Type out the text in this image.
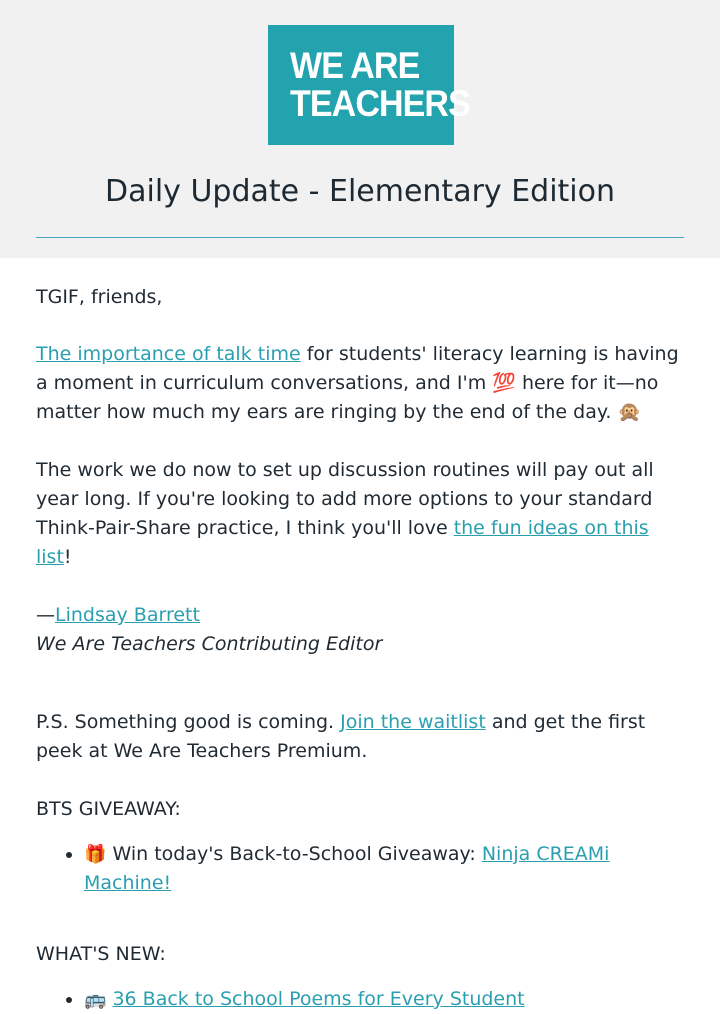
WE ARE
TEACHERS
Daily Update - Elementary Edition

TGIF, friends,

The importance of talk time for students' literacy learning is having a moment in curriculum conversations, and I'm 💯 here for it—no matter how much my ears are ringing by the end of the day. 🙊

The work we do now to set up discussion routines will pay out all year long. If you're looking to add more options to your standard Think-Pair-Share practice, I think you'll love the fun ideas on this list!

—Lindsay Barrett

We Are Teachers Contributing Editor

P.S. Something good is coming. Join the waitlist and get the first peek at We Are Teachers Premium.

BTS GIVEAWAY:

• 🎁 Win today's Back-to-School Giveaway: Ninja CREAMi Machine!

WHAT'S NEW:

• 🚌 36 Back to School Poems for Every Student
